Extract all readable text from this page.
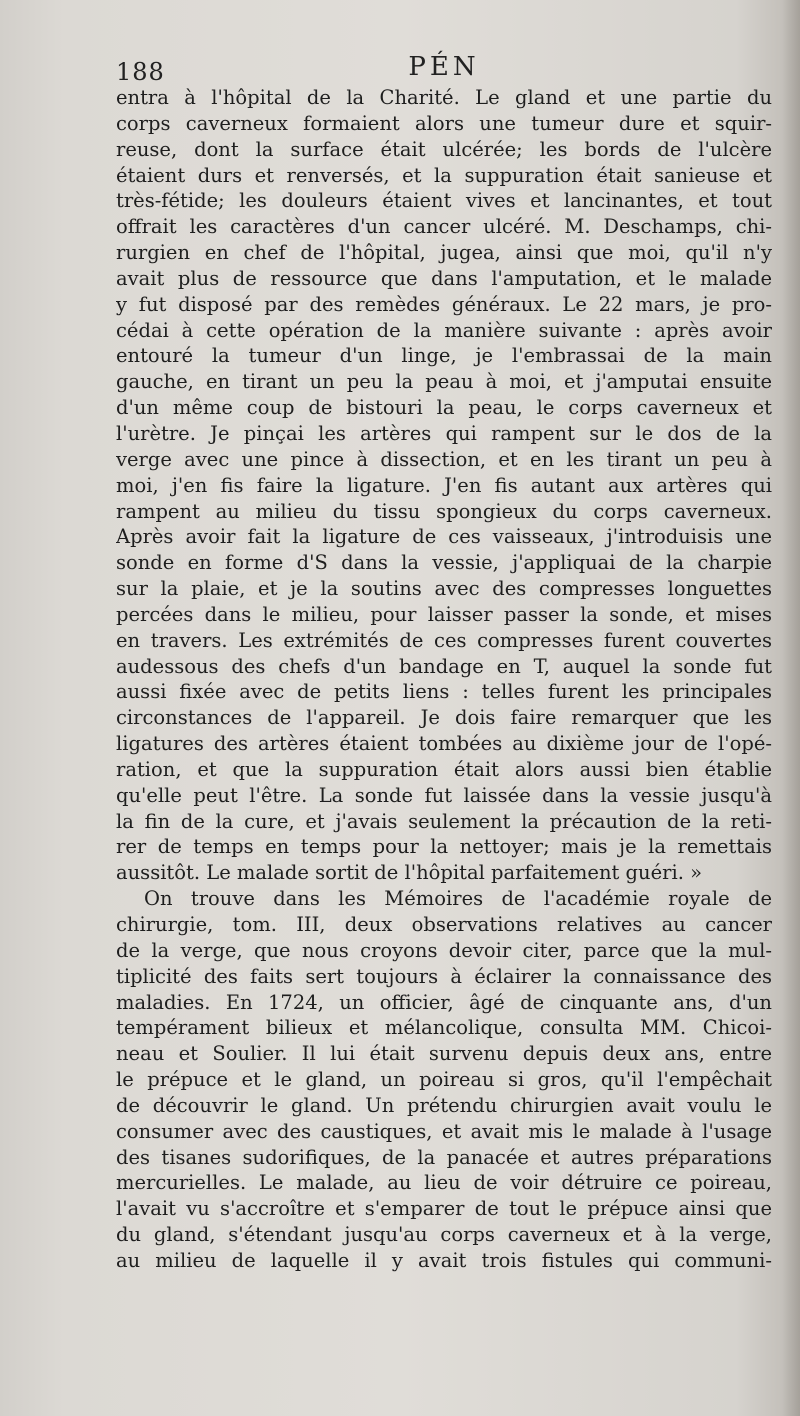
188	PÉN
entra à l'hôpital de la Charité. Le gland et une partie du
corps caverneux formaient alors une tumeur dure et squir-
reuse, dont la surface était ulcérée; les bords de l'ulcère
étaient durs et renversés, et la suppuration était sanieuse et
très-fétide; les douleurs étaient vives et lancinantes, et tout
offrait les caractères d'un cancer ulcéré. M. Deschamps, chi-
rurgien en chef de l'hôpital, jugea, ainsi que moi, qu'il n'y
avait plus de ressource que dans l'amputation, et le malade
y fut disposé par des remèdes généraux. Le 22 mars, je pro-
cédai à cette opération de la manière suivante : après avoir
entouré la tumeur d'un linge, je l'embrassai de la main
gauche, en tirant un peu la peau à moi, et j'amputai ensuite
d'un même coup de bistouri la peau, le corps caverneux et
l'urètre. Je pinçai les artères qui rampent sur le dos de la
verge avec une pince à dissection, et en les tirant un peu à
moi, j'en fis faire la ligature. J'en fis autant aux artères qui
rampent au milieu du tissu spongieux du corps caverneux.
Après avoir fait la ligature de ces vaisseaux, j'introduisis une
sonde en forme d'S dans la vessie, j'appliquai de la charpie
sur la plaie, et je la soutins avec des compresses longuettes
percées dans le milieu, pour laisser passer la sonde, et mises
en travers. Les extrémités de ces compresses furent couvertes
audessous des chefs d'un bandage en T, auquel la sonde fut
aussi fixée avec de petits liens : telles furent les principales
circonstances de l'appareil. Je dois faire remarquer que les
ligatures des artères étaient tombées au dixième jour de l'opé-
ration, et que la suppuration était alors aussi bien établie
qu'elle peut l'être. La sonde fut laissée dans la vessie jusqu'à
la fin de la cure, et j'avais seulement la précaution de la reti-
rer de temps en temps pour la nettoyer; mais je la remettais
aussitôt. Le malade sortit de l'hôpital parfaitement guéri. »
On trouve dans les Mémoires de l'académie royale de
chirurgie, tom. III, deux observations relatives au cancer
de la verge, que nous croyons devoir citer, parce que la mul-
tiplicité des faits sert toujours à éclairer la connaissance des
maladies. En 1724, un officier, âgé de cinquante ans, d'un
tempérament bilieux et mélancolique, consulta MM. Chicoi-
neau et Soulier. Il lui était survenu depuis deux ans, entre
le prépuce et le gland, un poireau si gros, qu'il l'empêchait
de découvrir le gland. Un prétendu chirurgien avait voulu le
consumer avec des caustiques, et avait mis le malade à l'usage
des tisanes sudorifiques, de la panacée et autres préparations
mercurielles. Le malade, au lieu de voir détruire ce poireau,
l'avait vu s'accroître et s'emparer de tout le prépuce ainsi que
du gland, s'étendant jusqu'au corps caverneux et à la verge,
au milieu de laquelle il y avait trois fistules qui communi-
